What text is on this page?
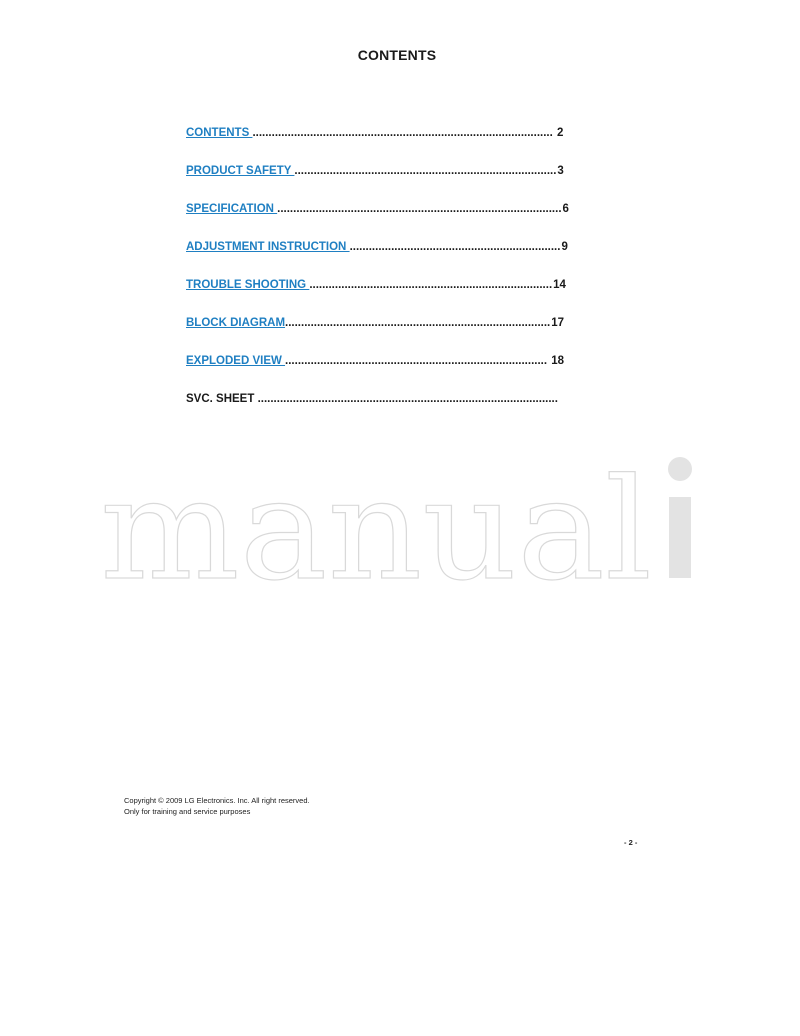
CONTENTS
CONTENTS .............................................................................................. 2
PRODUCT SAFETY ..................................................................................3
SPECIFICATION .........................................................................................6
ADJUSTMENT INSTRUCTION ..................................................................9
TROUBLE SHOOTING ............................................................................14
BLOCK DIAGRAM...................................................................................17
EXPLODED VIEW .................................................................................. 18
SVC. SHEET ..............................................................................................
manual
Copyright © 2009 LG Electronics. Inc. All right reserved.
Only for training and service purposes
- 2 -
